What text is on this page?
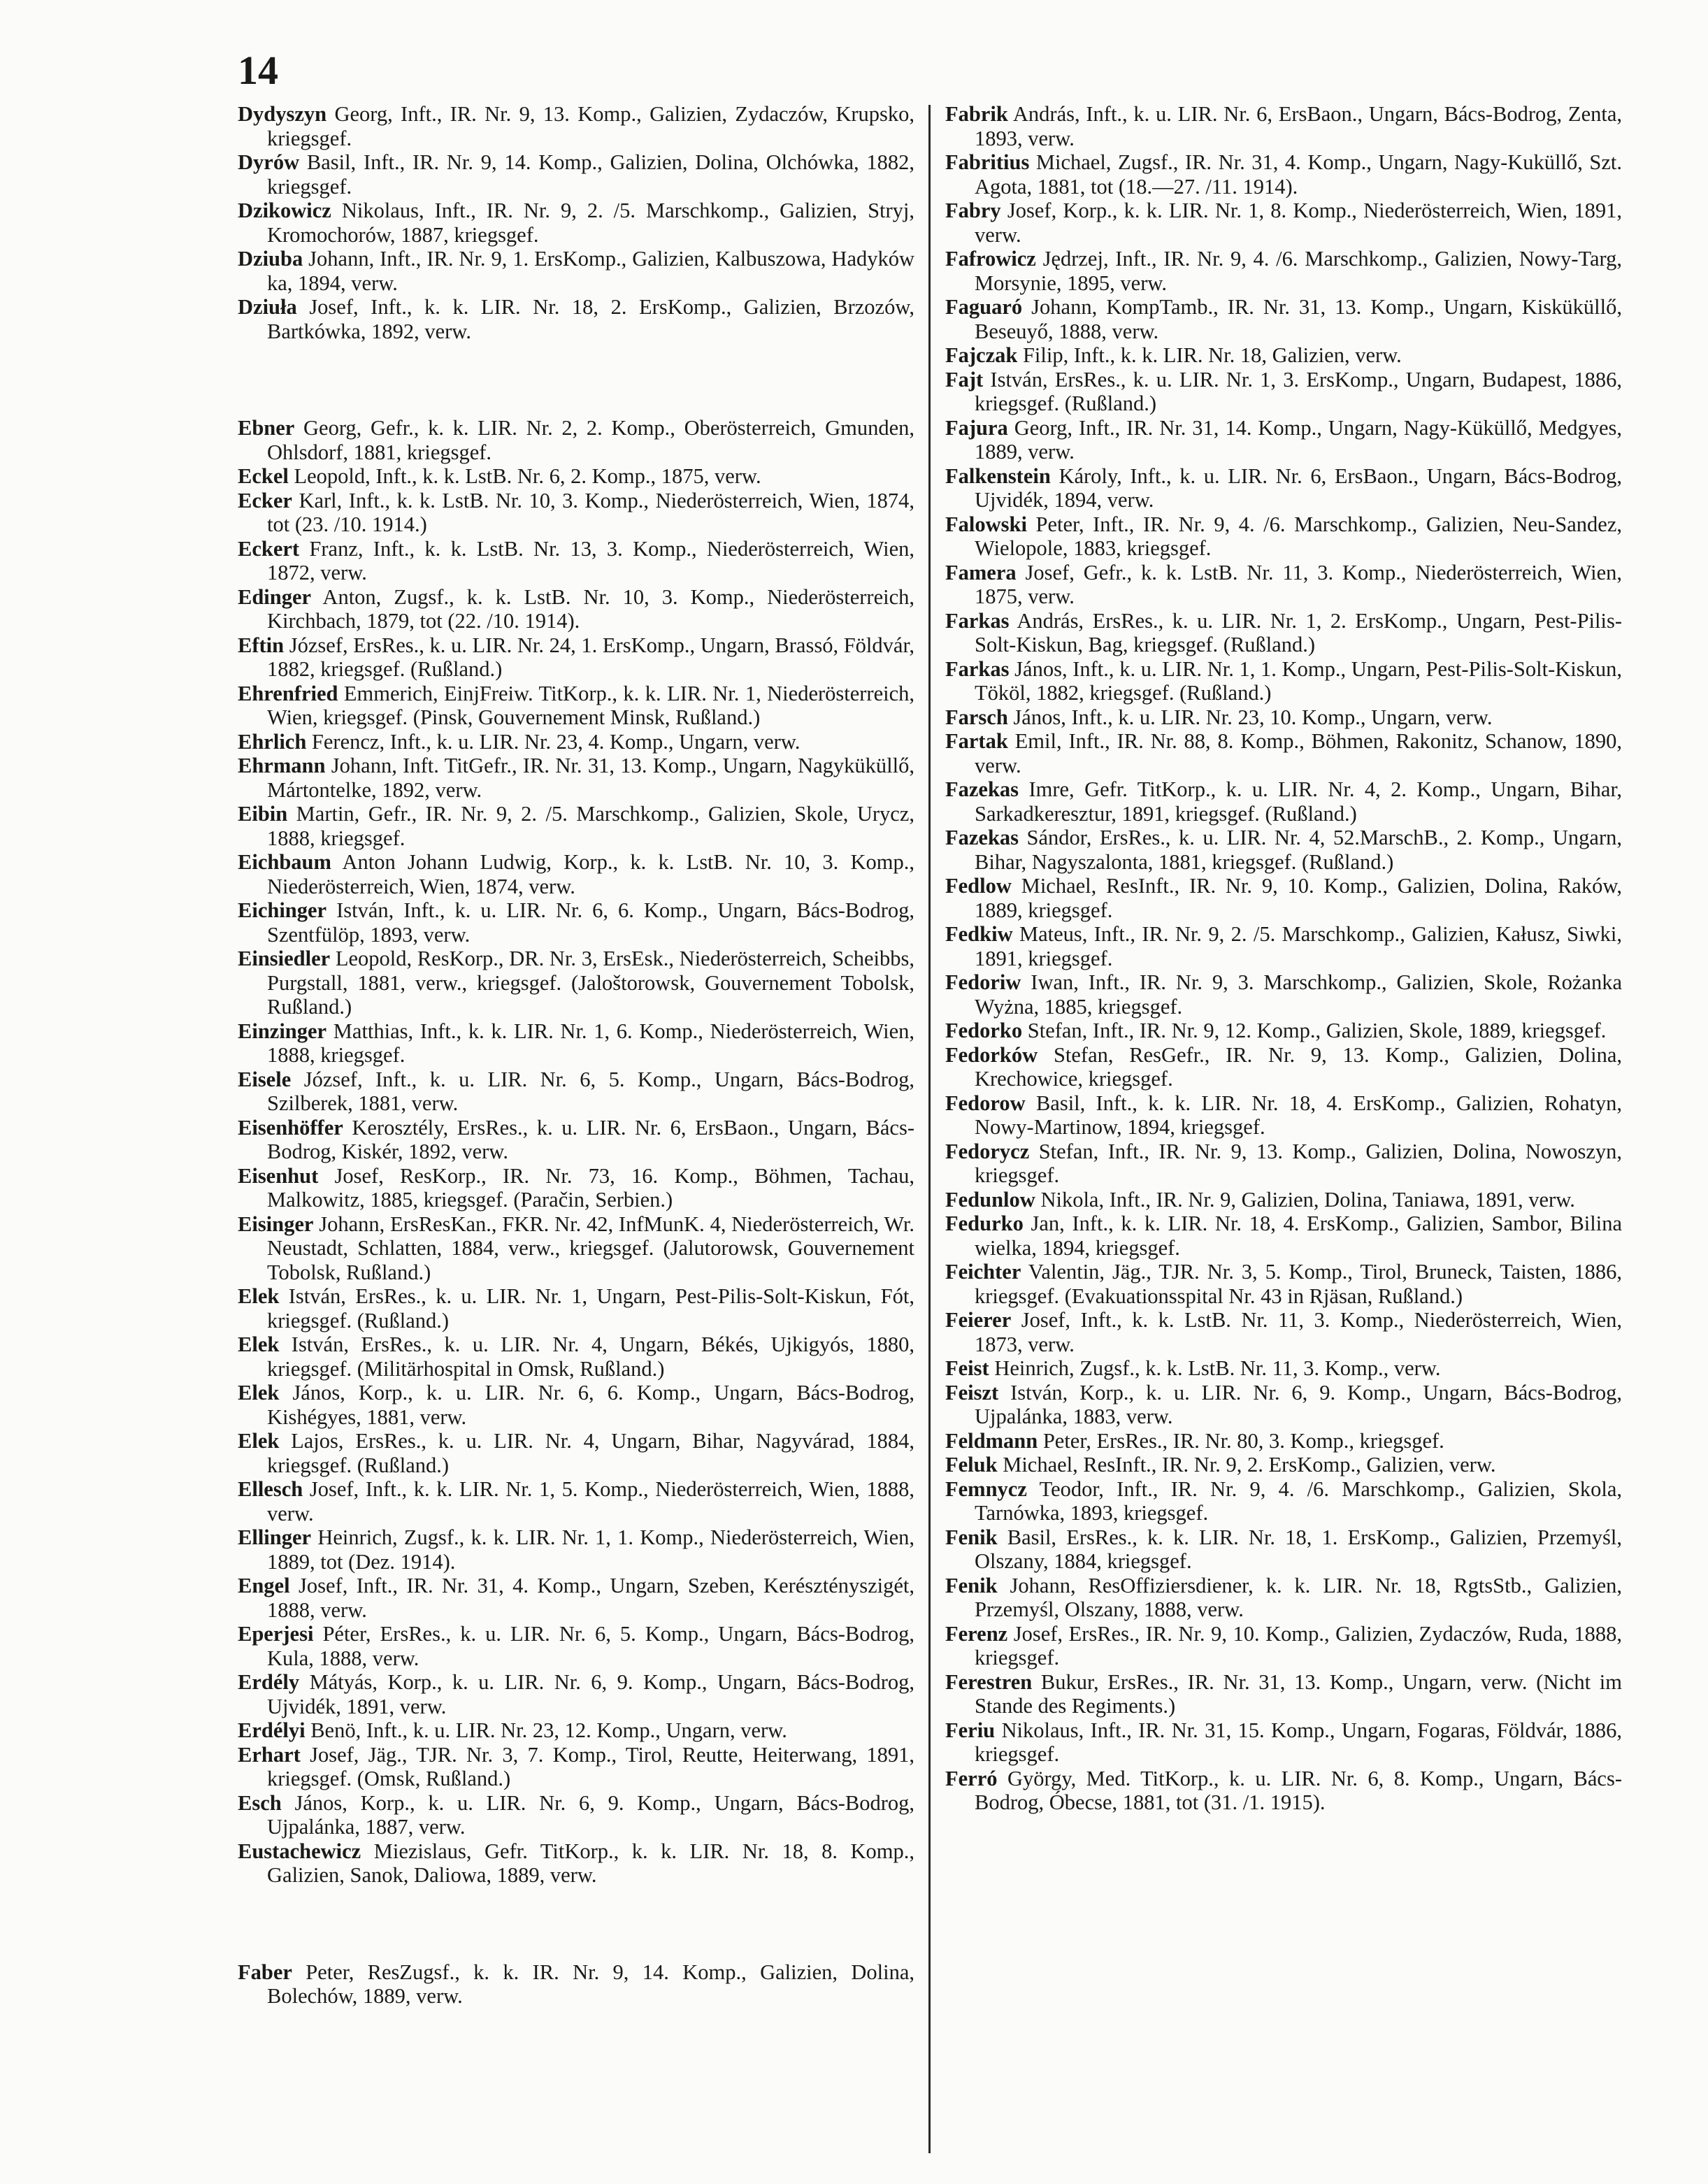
14

Dydyszyn Georg, Inft., IR. Nr. 9, 13. Komp., Galizien, Zydaczów, Krupsko, kriegsgef.

Dyrów Basil, Inft., IR. Nr. 9, 14. Komp., Galizien, Dolina, Olchówka, 1882, kriegsgef.

Dzikowicz Nikolaus, Inft., IR. Nr. 9, 2. /5. Marschkomp., Galizien, Stryj, Kromochorów, 1887, kriegsgef.

Dziuba Johann, Inft., IR. Nr. 9, 1. ErsKomp., Galizien, Kalbuszowa, Hadyków ka, 1894, verw.

Dziuła Josef, Inft., k. k. LIR. Nr. 18, 2. ErsKomp., Galizien, Brzozów, Bartkówka, 1892, verw.

Ebner Georg, Gefr., k. k. LIR. Nr. 2, 2. Komp., Oberösterreich, Gmunden, Ohlsdorf, 1881, kriegsgef.

Eckel Leopold, Inft., k. k. LstB. Nr. 6, 2. Komp., 1875, verw.

Ecker Karl, Inft., k. k. LstB. Nr. 10, 3. Komp., Niederösterreich, Wien, 1874, tot (23. /10. 1914.)

Eckert Franz, Inft., k. k. LstB. Nr. 13, 3. Komp., Niederösterreich, Wien, 1872, verw.

Edinger Anton, Zugsf., k. k. LstB. Nr. 10, 3. Komp., Niederösterreich, Kirchbach, 1879, tot (22. /10. 1914).

Eftin József, ErsRes., k. u. LIR. Nr. 24, 1. ErsKomp., Ungarn, Brassó, Földvár, 1882, kriegsgef. (Rußland.)

Ehrenfried Emmerich, EinjFreiw. TitKorp., k. k. LIR. Nr. 1, Niederösterreich, Wien, kriegsgef. (Pinsk, Gouvernement Minsk, Rußland.)

Ehrlich Ferencz, Inft., k. u. LIR. Nr. 23, 4. Komp., Ungarn, verw.

Ehrmann Johann, Inft. TitGefr., IR. Nr. 31, 13. Komp., Ungarn, Nagyküküllő, Mártontelke, 1892, verw.

Eibin Martin, Gefr., IR. Nr. 9, 2. /5. Marschkomp., Galizien, Skole, Urycz, 1888, kriegsgef.

Eichbaum Anton Johann Ludwig, Korp., k. k. LstB. Nr. 10, 3. Komp., Niederösterreich, Wien, 1874, verw.

Eichinger István, Inft., k. u. LIR. Nr. 6, 6. Komp., Ungarn, Bács-Bodrog, Szentfülöp, 1893, verw.

Einsiedler Leopold, ResKorp., DR. Nr. 3, ErsEsk., Niederösterreich, Scheibbs, Purgstall, 1881, verw., kriegsgef. (Jaloštorowsk, Gouvernement Tobolsk, Rußland.)

Einzinger Matthias, Inft., k. k. LIR. Nr. 1, 6. Komp., Niederösterreich, Wien, 1888, kriegsgef.

Eisele József, Inft., k. u. LIR. Nr. 6, 5. Komp., Ungarn, Bács-Bodrog, Szilberek, 1881, verw.

Eisenhöffer Kerosztély, ErsRes., k. u. LIR. Nr. 6, ErsBaon., Ungarn, Bács-Bodrog, Kiskér, 1892, verw.

Eisenhut Josef, ResKorp., IR. Nr. 73, 16. Komp., Böhmen, Tachau, Malkowitz, 1885, kriegsgef. (Paračin, Serbien.)

Eisinger Johann, ErsResKan., FKR. Nr. 42, InfMunK. 4, Niederösterreich, Wr. Neustadt, Schlatten, 1884, verw., kriegsgef. (Jalutorowsk, Gouvernement Tobolsk, Rußland.)

Elek István, ErsRes., k. u. LIR. Nr. 1, Ungarn, Pest-Pilis-Solt-Kiskun, Fót, kriegsgef. (Rußland.)

Elek István, ErsRes., k. u. LIR. Nr. 4, Ungarn, Békés, Ujkigyós, 1880, kriegsgef. (Militärhospital in Omsk, Rußland.)

Elek János, Korp., k. u. LIR. Nr. 6, 6. Komp., Ungarn, Bács-Bodrog, Kishégyes, 1881, verw.

Elek Lajos, ErsRes., k. u. LIR. Nr. 4, Ungarn, Bihar, Nagyvárad, 1884, kriegsgef. (Rußland.)

Ellesch Josef, Inft., k. k. LIR. Nr. 1, 5. Komp., Niederösterreich, Wien, 1888, verw.

Ellinger Heinrich, Zugsf., k. k. LIR. Nr. 1, 1. Komp., Niederösterreich, Wien, 1889, tot (Dez. 1914).

Engel Josef, Inft., IR. Nr. 31, 4. Komp., Ungarn, Szeben, Kerésztényszigét, 1888, verw.

Eperjesi Péter, ErsRes., k. u. LIR. Nr. 6, 5. Komp., Ungarn, Bács-Bodrog, Kula, 1888, verw.

Erdély Mátyás, Korp., k. u. LIR. Nr. 6, 9. Komp., Ungarn, Bács-Bodrog, Ujvidék, 1891, verw.

Erdélyi Benö, Inft., k. u. LIR. Nr. 23, 12. Komp., Ungarn, verw.

Erhart Josef, Jäg., TJR. Nr. 3, 7. Komp., Tirol, Reutte, Heiterwang, 1891, kriegsgef. (Omsk, Rußland.)

Esch János, Korp., k. u. LIR. Nr. 6, 9. Komp., Ungarn, Bács-Bodrog, Ujpalánka, 1887, verw.

Eustachewicz Miezislaus, Gefr. TitKorp., k. k. LIR. Nr. 18, 8. Komp., Galizien, Sanok, Daliowa, 1889, verw.

Faber Peter, ResZugsf., k. k. IR. Nr. 9, 14. Komp., Galizien, Dolina, Bolechów, 1889, verw.

Fabrik András, Inft., k. u. LIR. Nr. 6, ErsBaon., Ungarn, Bács-Bodrog, Zenta, 1893, verw.

Fabritius Michael, Zugsf., IR. Nr. 31, 4. Komp., Ungarn, Nagy-Kuküllő, Szt. Agota, 1881, tot (18.—27. /11. 1914).

Fabry Josef, Korp., k. k. LIR. Nr. 1, 8. Komp., Niederösterreich, Wien, 1891, verw.

Fafrowicz Jędrzej, Inft., IR. Nr. 9, 4. /6. Marschkomp., Galizien, Nowy-Targ, Morsynie, 1895, verw.

Faguaró Johann, KompTamb., IR. Nr. 31, 13. Komp., Ungarn, Kisküküllő, Beseuyő, 1888, verw.

Fajczak Filip, Inft., k. k. LIR. Nr. 18, Galizien, verw.

Fajt István, ErsRes., k. u. LIR. Nr. 1, 3. ErsKomp., Ungarn, Budapest, 1886, kriegsgef. (Rußland.)

Fajura Georg, Inft., IR. Nr. 31, 14. Komp., Ungarn, Nagy-Küküllő, Medgyes, 1889, verw.

Falkenstein Károly, Inft., k. u. LIR. Nr. 6, ErsBaon., Ungarn, Bács-Bodrog, Ujvidék, 1894, verw.

Falowski Peter, Inft., IR. Nr. 9, 4. /6. Marschkomp., Galizien, Neu-Sandez, Wielopole, 1883, kriegsgef.

Famera Josef, Gefr., k. k. LstB. Nr. 11, 3. Komp., Niederösterreich, Wien, 1875, verw.

Farkas András, ErsRes., k. u. LIR. Nr. 1, 2. ErsKomp., Ungarn, Pest-Pilis-Solt-Kiskun, Bag, kriegsgef. (Rußland.)

Farkas János, Inft., k. u. LIR. Nr. 1, 1. Komp., Ungarn, Pest-Pilis-Solt-Kiskun, Tököl, 1882, kriegsgef. (Rußland.)

Farsch János, Inft., k. u. LIR. Nr. 23, 10. Komp., Ungarn, verw.

Fartak Emil, Inft., IR. Nr. 88, 8. Komp., Böhmen, Rakonitz, Schanow, 1890, verw.

Fazekas Imre, Gefr. TitKorp., k. u. LIR. Nr. 4, 2. Komp., Ungarn, Bihar, Sarkadkeresztur, 1891, kriegsgef. (Rußland.)

Fazekas Sándor, ErsRes., k. u. LIR. Nr. 4, 52.MarschB., 2. Komp., Ungarn, Bihar, Nagyszalonta, 1881, kriegsgef. (Rußland.)

Fedlow Michael, ResInft., IR. Nr. 9, 10. Komp., Galizien, Dolina, Raków, 1889, kriegsgef.

Fedkiw Mateus, Inft., IR. Nr. 9, 2. /5. Marschkomp., Galizien, Kałusz, Siwki, 1891, kriegsgef.

Fedoriw Iwan, Inft., IR. Nr. 9, 3. Marschkomp., Galizien, Skole, Rożanka Wyżna, 1885, kriegsgef.

Fedorko Stefan, Inft., IR. Nr. 9, 12. Komp., Galizien, Skole, 1889, kriegsgef.

Fedorków Stefan, ResGefr., IR. Nr. 9, 13. Komp., Galizien, Dolina, Krechowice, kriegsgef.

Fedorow Basil, Inft., k. k. LIR. Nr. 18, 4. ErsKomp., Galizien, Rohatyn, Nowy-Martinow, 1894, kriegsgef.

Fedorycz Stefan, Inft., IR. Nr. 9, 13. Komp., Galizien, Dolina, Nowoszyn, kriegsgef.

Fedunlow Nikola, Inft., IR. Nr. 9, Galizien, Dolina, Taniawa, 1891, verw.

Fedurko Jan, Inft., k. k. LIR. Nr. 18, 4. ErsKomp., Galizien, Sambor, Bilina wielka, 1894, kriegsgef.

Feichter Valentin, Jäg., TJR. Nr. 3, 5. Komp., Tirol, Bruneck, Taisten, 1886, kriegsgef. (Evakuationsspital Nr. 43 in Rjäsan, Rußland.)

Feierer Josef, Inft., k. k. LstB. Nr. 11, 3. Komp., Niederösterreich, Wien, 1873, verw.

Feist Heinrich, Zugsf., k. k. LstB. Nr. 11, 3. Komp., verw.

Feiszt István, Korp., k. u. LIR. Nr. 6, 9. Komp., Ungarn, Bács-Bodrog, Ujpalánka, 1883, verw.

Feldmann Peter, ErsRes., IR. Nr. 80, 3. Komp., kriegsgef.

Feluk Michael, ResInft., IR. Nr. 9, 2. ErsKomp., Galizien, verw.

Femnycz Teodor, Inft., IR. Nr. 9, 4. /6. Marschkomp., Galizien, Skola, Tarnówka, 1893, kriegsgef.

Fenik Basil, ErsRes., k. k. LIR. Nr. 18, 1. ErsKomp., Galizien, Przemyśl, Olszany, 1884, kriegsgef.

Fenik Johann, ResOffiziersdiener, k. k. LIR. Nr. 18, RgtsStb., Galizien, Przemyśl, Olszany, 1888, verw.

Ferenz Josef, ErsRes., IR. Nr. 9, 10. Komp., Galizien, Zydaczów, Ruda, 1888, kriegsgef.

Ferestren Bukur, ErsRes., IR. Nr. 31, 13. Komp., Ungarn, verw. (Nicht im Stande des Regiments.)

Feriu Nikolaus, Inft., IR. Nr. 31, 15. Komp., Ungarn, Fogaras, Földvár, 1886, kriegsgef.

Ferró György, Med. TitKorp., k. u. LIR. Nr. 6, 8. Komp., Ungarn, Bács-Bodrog, Óbecse, 1881, tot (31. /1. 1915).
